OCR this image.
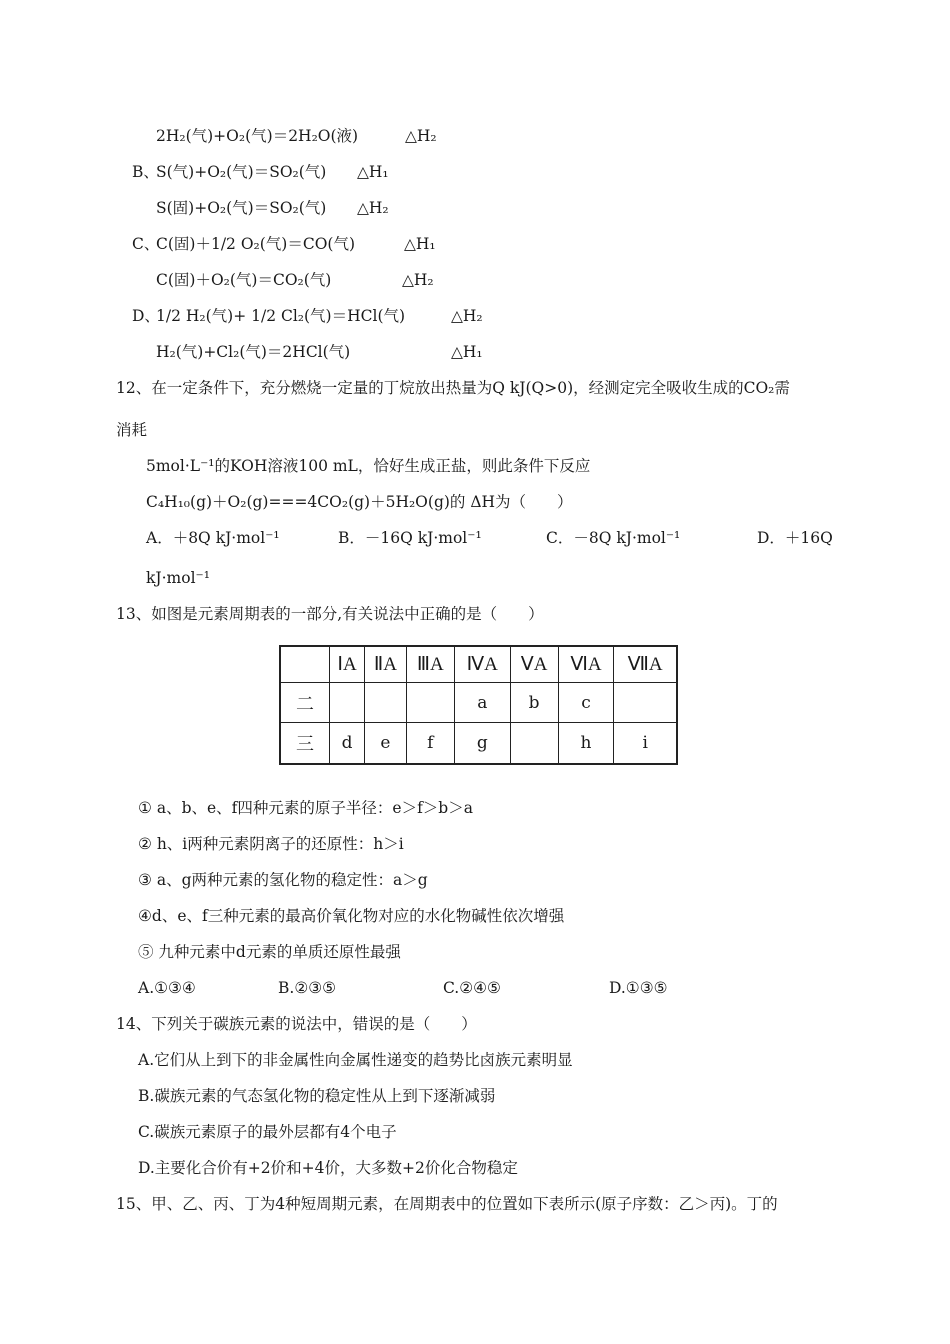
2H₂(气)+O₂(气)＝2H₂O(液)	△H₂
B、
S(气)+O₂(气)＝SO₂(气) △H₁
S(固)+O₂(气)＝SO₂(气) △H₂
C、
C(固)＋1/2 O₂(气)＝CO(气)	△H₁
C(固)＋O₂(气)＝CO₂(气)	△H₂
D、
1/2 H₂(气)+ 1/2 Cl₂(气)＝HCl(气)	△H₂
H₂(气)+Cl₂(气)＝2HCl(气)	△H₁
12、在一定条件下，充分燃烧一定量的丁烷放出热量为Q kJ(Q>0)，经测定完全吸收生成的CO₂需
消耗
5mol·L⁻¹的KOH溶液100 mL，恰好生成正盐，则此条件下反应
C₄H₁₀(g)＋O₂(g)===4CO₂(g)＋5H₂O(g)的 ΔH为（　　）
A．＋8Q kJ·mol⁻¹	B．－16Q kJ·mol⁻¹	C．－8Q kJ·mol⁻¹	D．＋16Q
kJ·mol⁻¹
13、如图是元素周期表的一部分,有关说法中正确的是（　　）
	ⅠA	ⅡA	ⅢA	ⅣA	ⅤA	ⅥA	ⅦA
二				a	b	c	
三	d	e	f	g		h	i
① a、b、e、f四种元素的原子半径：e＞f＞b＞a
② h、i两种元素阴离子的还原性：h＞i
③ a、g两种元素的氢化物的稳定性：a＞g
④d、e、f三种元素的最高价氧化物对应的水化物碱性依次增强
⑤ 九种元素中d元素的单质还原性最强
A.①③④	B.②③⑤	C.②④⑤	D.①③⑤
14、下列关于碳族元素的说法中，错误的是（　　）
A.它们从上到下的非金属性向金属性递变的趋势比卤族元素明显
B.碳族元素的气态氢化物的稳定性从上到下逐渐减弱
C.碳族元素原子的最外层都有4个电子
D.主要化合价有+2价和+4价，大多数+2价化合物稳定
15、甲、乙、丙、丁为4种短周期元素，在周期表中的位置如下表所示(原子序数：乙＞丙)。丁的
